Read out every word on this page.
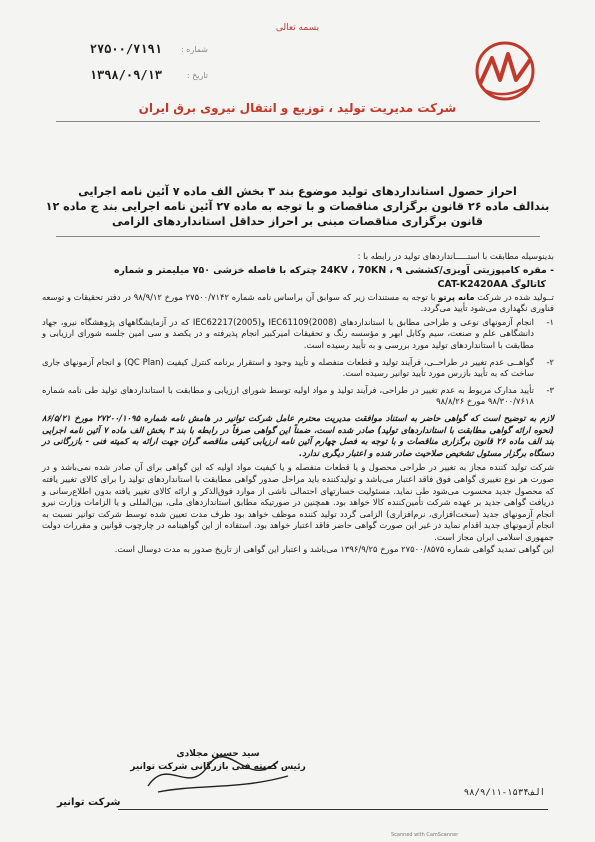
بسمه تعالی
شماره :
۲۷۵۰۰/۷۱۹۱
تاریخ :
۱۳۹۸/۰۹/۱۳
شرکت مدیریت تولید ، توزیع و انتقال نیروی برق ایران
احراز حصول استانداردهای تولید موضوع بند ۳ بخش الف ماده ۷ آئین نامه اجرایی
بندالف ماده ۲۶ قانون برگزاری مناقصات و با توجه به ماده ۲۷ آئین نامه اجرایی بند ج ماده ۱۲
قانون برگزاری مناقصات مبنی بر احراز حداقل استانداردهای الزامی

بدینوسیله مطابقت با استـــــاندارد‌های تولید در رابطه با :

- مقره کامپوزیتی آویزی/کششی 24KV ، 70KN ، ۹ چترکه با فاصله خزشی ۷۵۰ میلیمتر و شماره

کاتالوگ CAT-K2420AA

تــولید شده در شرکت مانه پرتو با توجه به مستندات زیر که سوابق آن براساس نامه شماره ۲۷۵۰۰/۷۱۴۲ مورخ ۹۸/۹/۱۲ در دفتر تحقیقات و توسعه فناوری نگهداری می‌شود تأیید می‌گردد.

۱-
انجام آزمونهای نوعی و طراحی مطابق با استانداردهای IEC61109(2008) وIEC62217(2005) که در آزمایشگاههای پژوهشگاه نیرو، جهاد دانشگاهی علم و صنعت، سیم وکابل ابهر و مؤسسه رنگ و تحقیقات امیرکبیر انجام پذیرفته و در یکصد و سی امین جلسه شورای ارزیابی و مطابقت با استانداردهای تولید مورد بررسی و به تأیید رسیده است.
۲-
گواهــی عدم تغییر در طراحــی، فرآیند تولید و قطعات منفصله و تأیید وجود و استقرار برنامه کنترل کیفیت (QC Plan) و انجام آزمونهای جاری ساخت که به تأیید بازرس مورد تأیید توانیر رسیده است.
۳-
تأیید مدارک مربوط به عدم تغییر در طراحی، فرآیند تولید و مواد اولیه توسط شورای ارزیابی و مطابقت با استانداردهای تولید طی نامه شماره ۹۸/۳۰۰/۷۶۱۸ مورخ ۹۸/۸/۲۶

لازم به توضیح است که گواهی حاضر به استناد موافقت مدیریت محترم عامل شرکت توانیر در هامش نامه شماره ۲۷۲۰۰/۱۰۹۵ مورخ ۸۶/۵/۲۱ (نحوه ارائه گواهی مطابقت با استانداردهای تولید) صادر شده است، ضمناً این گواهی صرفاً در رابطه با بند ۳ بخش الف ماده ۷ آئین نامه اجرایی بند الف ماده ۲۶ قانون برگزاری مناقصات و با توجه به فصل چهارم آئین نامه ارزیابی کیفی مناقصه گران جهت ارائه به کمیته فنی - بازرگانی در دستگاه برگزار مسئول تشخیص صلاحیت صادر شده و اعتبار دیگری ندارد.

شرکت تولید کننده مجاز به تغییر در طراحی محصول و یا قطعات منفصله و یا کیفیت مواد اولیه که این گواهی برای آن صادر شده نمی‌باشد و در صورت هر نوع تغییری گواهی فوق فاقد اعتبار می‌باشد و تولیدکننده باید مراحل صدور گواهی مطابقت با استانداردهای تولید را برای کالای تغییر یافته که محصول جدید محسوب می‌شود طی نماید. مسئولیت خسارتهای احتمالی ناشی از موارد فوق‌الذکر و ارائه کالای تغییر یافته بدون اطلاع‌رسانی و دریافت گواهی جدید بر عهده شرکت تأمین‌کننده کالا خواهد بود. همچنین در صورتیکه مطابق استانداردهای ملی، بین‌المللی و یا الزامات وزارت نیرو انجام آزمونهای جدید (سخت‌افزاری، نرم‌افزاری) الزامی گردد تولید کننده موظف خواهد بود ظرف مدت تعیین شده توسط شرکت توانیر نسبت به انجام آزمونهای جدید اقدام نماید در غیر این صورت گواهی حاضر فاقد اعتبار خواهد بود. استفاده از این گواهینامه در چارچوب قوانین و مقررات دولت جمهوری اسلامی ایران مجاز است.

این گواهی تمدید گواهی شماره ۲۷۵۰۰/۸۵۷۵ مورخ ۱۳۹۶/۹/۲۵ می‌باشد و اعتبار این گواهی از تاریخ صدور به مدت دوسال است.

سید حسین مجلادی
رئیس کمیته فنی بازرگانی شرکت توانیر
الف۱۵۳۴-۹۸/۹/۱۱
شرکت توانیر
Scanned with CamScanner
